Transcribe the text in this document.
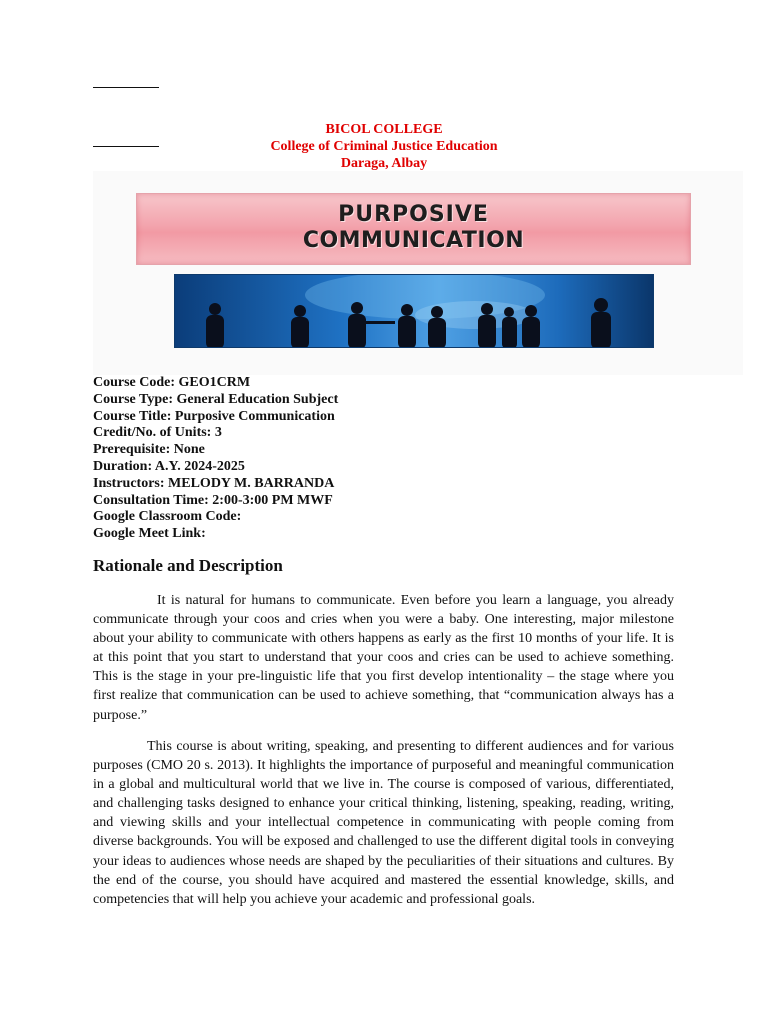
BICOL COLLEGE
College of Criminal Justice Education
Daraga, Albay
PURPOSIVE
COMMUNICATION
Course Code: GEO1CRM
Course Type: General Education Subject
Course Title: Purposive Communication
Credit/No. of Units: 3
Prerequisite: None
Duration: A.Y. 2024-2025
Instructors: MELODY M. BARRANDA
Consultation Time: 2:00-3:00 PM MWF
Google Classroom Code:
Google Meet Link:
Rationale and Description

It is natural for humans to communicate. Even before you learn a language, you already communicate through your coos and cries when you were a baby. One interesting, major milestone about your ability to communicate with others happens as early as the first 10 months of your life. It is at this point that you start to understand that your coos and cries can be used to achieve something. This is the stage in your pre-linguistic life that you first develop intentionality – the stage where you first realize that communication can be used to achieve something, that “communication always has a purpose.”

This course is about writing, speaking, and presenting to different audiences and for various purposes (CMO 20 s. 2013). It highlights the importance of purposeful and meaningful communication in a global and multicultural world that we live in. The course is composed of various, differentiated, and challenging tasks designed to enhance your critical thinking, listening, speaking, reading, writing, and viewing skills and your intellectual competence in communicating with people coming from diverse backgrounds. You will be exposed and challenged to use the different digital tools in conveying your ideas to audiences whose needs are shaped by the peculiarities of their situations and cultures. By the end of the course, you should have acquired and mastered the essential knowledge, skills, and competencies that will help you achieve your academic and professional goals.
